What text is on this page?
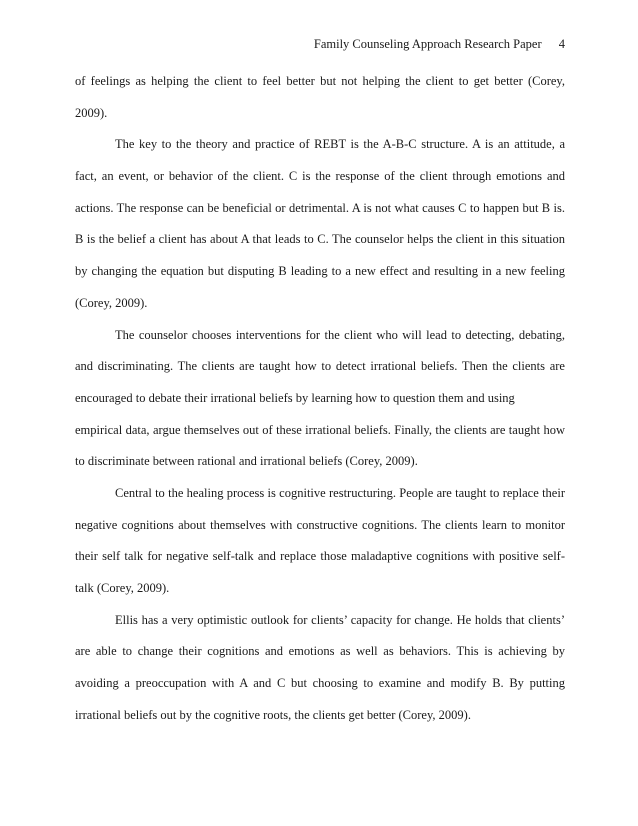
Family Counseling Approach Research Paper 4
of feelings as helping the client to feel better but not helping the client to get better (Corey,
2009).
The key to the theory and practice of REBT is the A-B-C structure. A is an attitude, a
fact, an event, or behavior of the client. C is the response of the client through emotions and
actions. The response can be beneficial or detrimental. A is not what causes C to happen but B is.
B is the belief a client has about A that leads to C. The counselor helps the client in this situation
by changing the equation but disputing B leading to a new effect and resulting in a new feeling
(Corey, 2009).
The counselor chooses interventions for the client who will lead to detecting, debating,
and discriminating. The clients are taught how to detect irrational beliefs. Then the clients are
encouraged to debate their irrational beliefs by learning how to question them and using
empirical data, argue themselves out of these irrational beliefs. Finally, the clients are taught how
to discriminate between rational and irrational beliefs (Corey, 2009).
Central to the healing process is cognitive restructuring. People are taught to replace their
negative cognitions about themselves with constructive cognitions. The clients learn to monitor
their self talk for negative self-talk and replace those maladaptive cognitions with positive self-
talk (Corey, 2009).
Ellis has a very optimistic outlook for clients’ capacity for change. He holds that clients’
are able to change their cognitions and emotions as well as behaviors. This is achieving by
avoiding a preoccupation with A and C but choosing to examine and modify B. By putting
irrational beliefs out by the cognitive roots, the clients get better (Corey, 2009).
